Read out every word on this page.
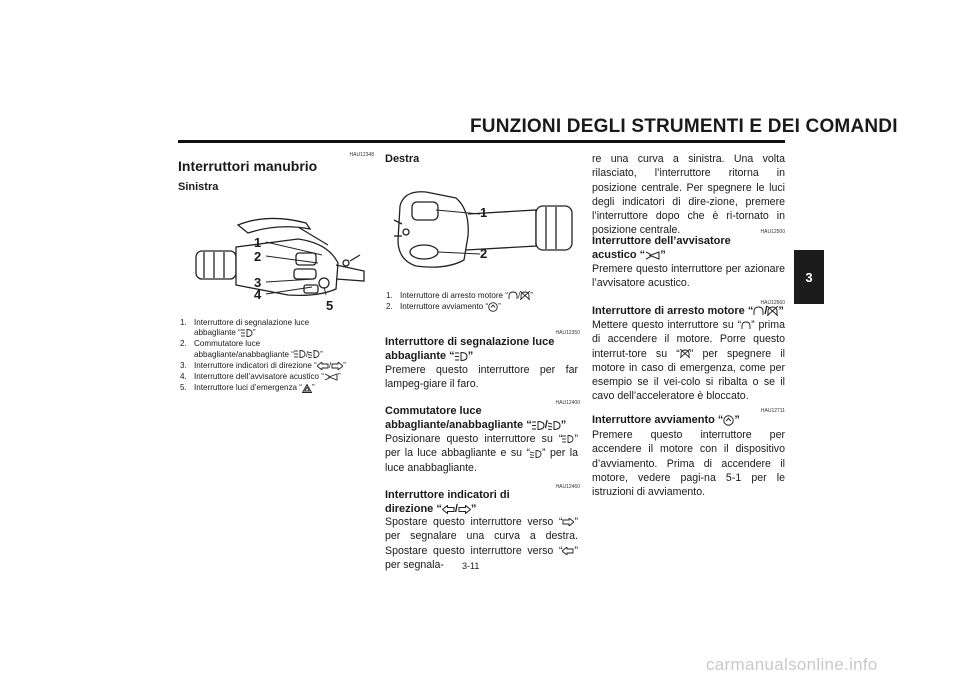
FUNZIONI DEGLI STRUMENTI E DEI COMANDI
3
HAU12348
Interruttori manubrio
Sinistra
1
2
3
4
5
1. Interruttore di segnalazione luce
abbagliante “ ”
2. Commutatore luce
abbagliante/anabbagliante “ / ”
3. Interruttore indicatori di direzione “ / ”
4. Interruttore dell’avvisatore acustico “ ”
5. Interruttore luci d’emergenza “ ”
Destra
1
2
1. Interruttore di arresto motore “ / ”
2. Interruttore avviamento “ ”
HAU12350
Interruttore di segnalazione luce
abbagliante “ ”
Premere questo interruttore per far lampeg-giare il faro.
HAU12400
Commutatore luce
abbagliante/anabbagliante “ / ”
Posizionare questo interruttore su “ ” per la luce abbagliante e su “ ” per la luce anabbagliante.
HAU12460
Interruttore indicatori di
direzione “ / ”
Spostare questo interruttore verso “ ” per segnalare una curva a destra. Spostare questo interruttore verso “ ” per segnala-
re una curva a sinistra. Una volta rilasciato, l’interruttore ritorna in posizione centrale. Per spegnere le luci degli indicatori di dire-zione, premere l’interruttore dopo che è ri-tornato in posizione centrale.	HAU12500
Interruttore dell’avvisatore
acustico “ ”
Premere questo interruttore per azionare l’avvisatore acustico.
HAU12660
Interruttore di arresto motore “ / ”
Mettere questo interruttore su “ ” prima di accendere il motore. Porre questo interrut-tore su “ ” per spegnere il motore in caso di emergenza, come per esempio se il vei-colo si ribalta o se il cavo dell’acceleratore è bloccato.
HAU12711
Interruttore avviamento “ ”
Premere questo interruttore per accendere il motore con il dispositivo d’avviamento. Prima di accendere il motore, vedere pagi-na 5-1 per le istruzioni di avviamento.
3-11
carmanualsonline.info
